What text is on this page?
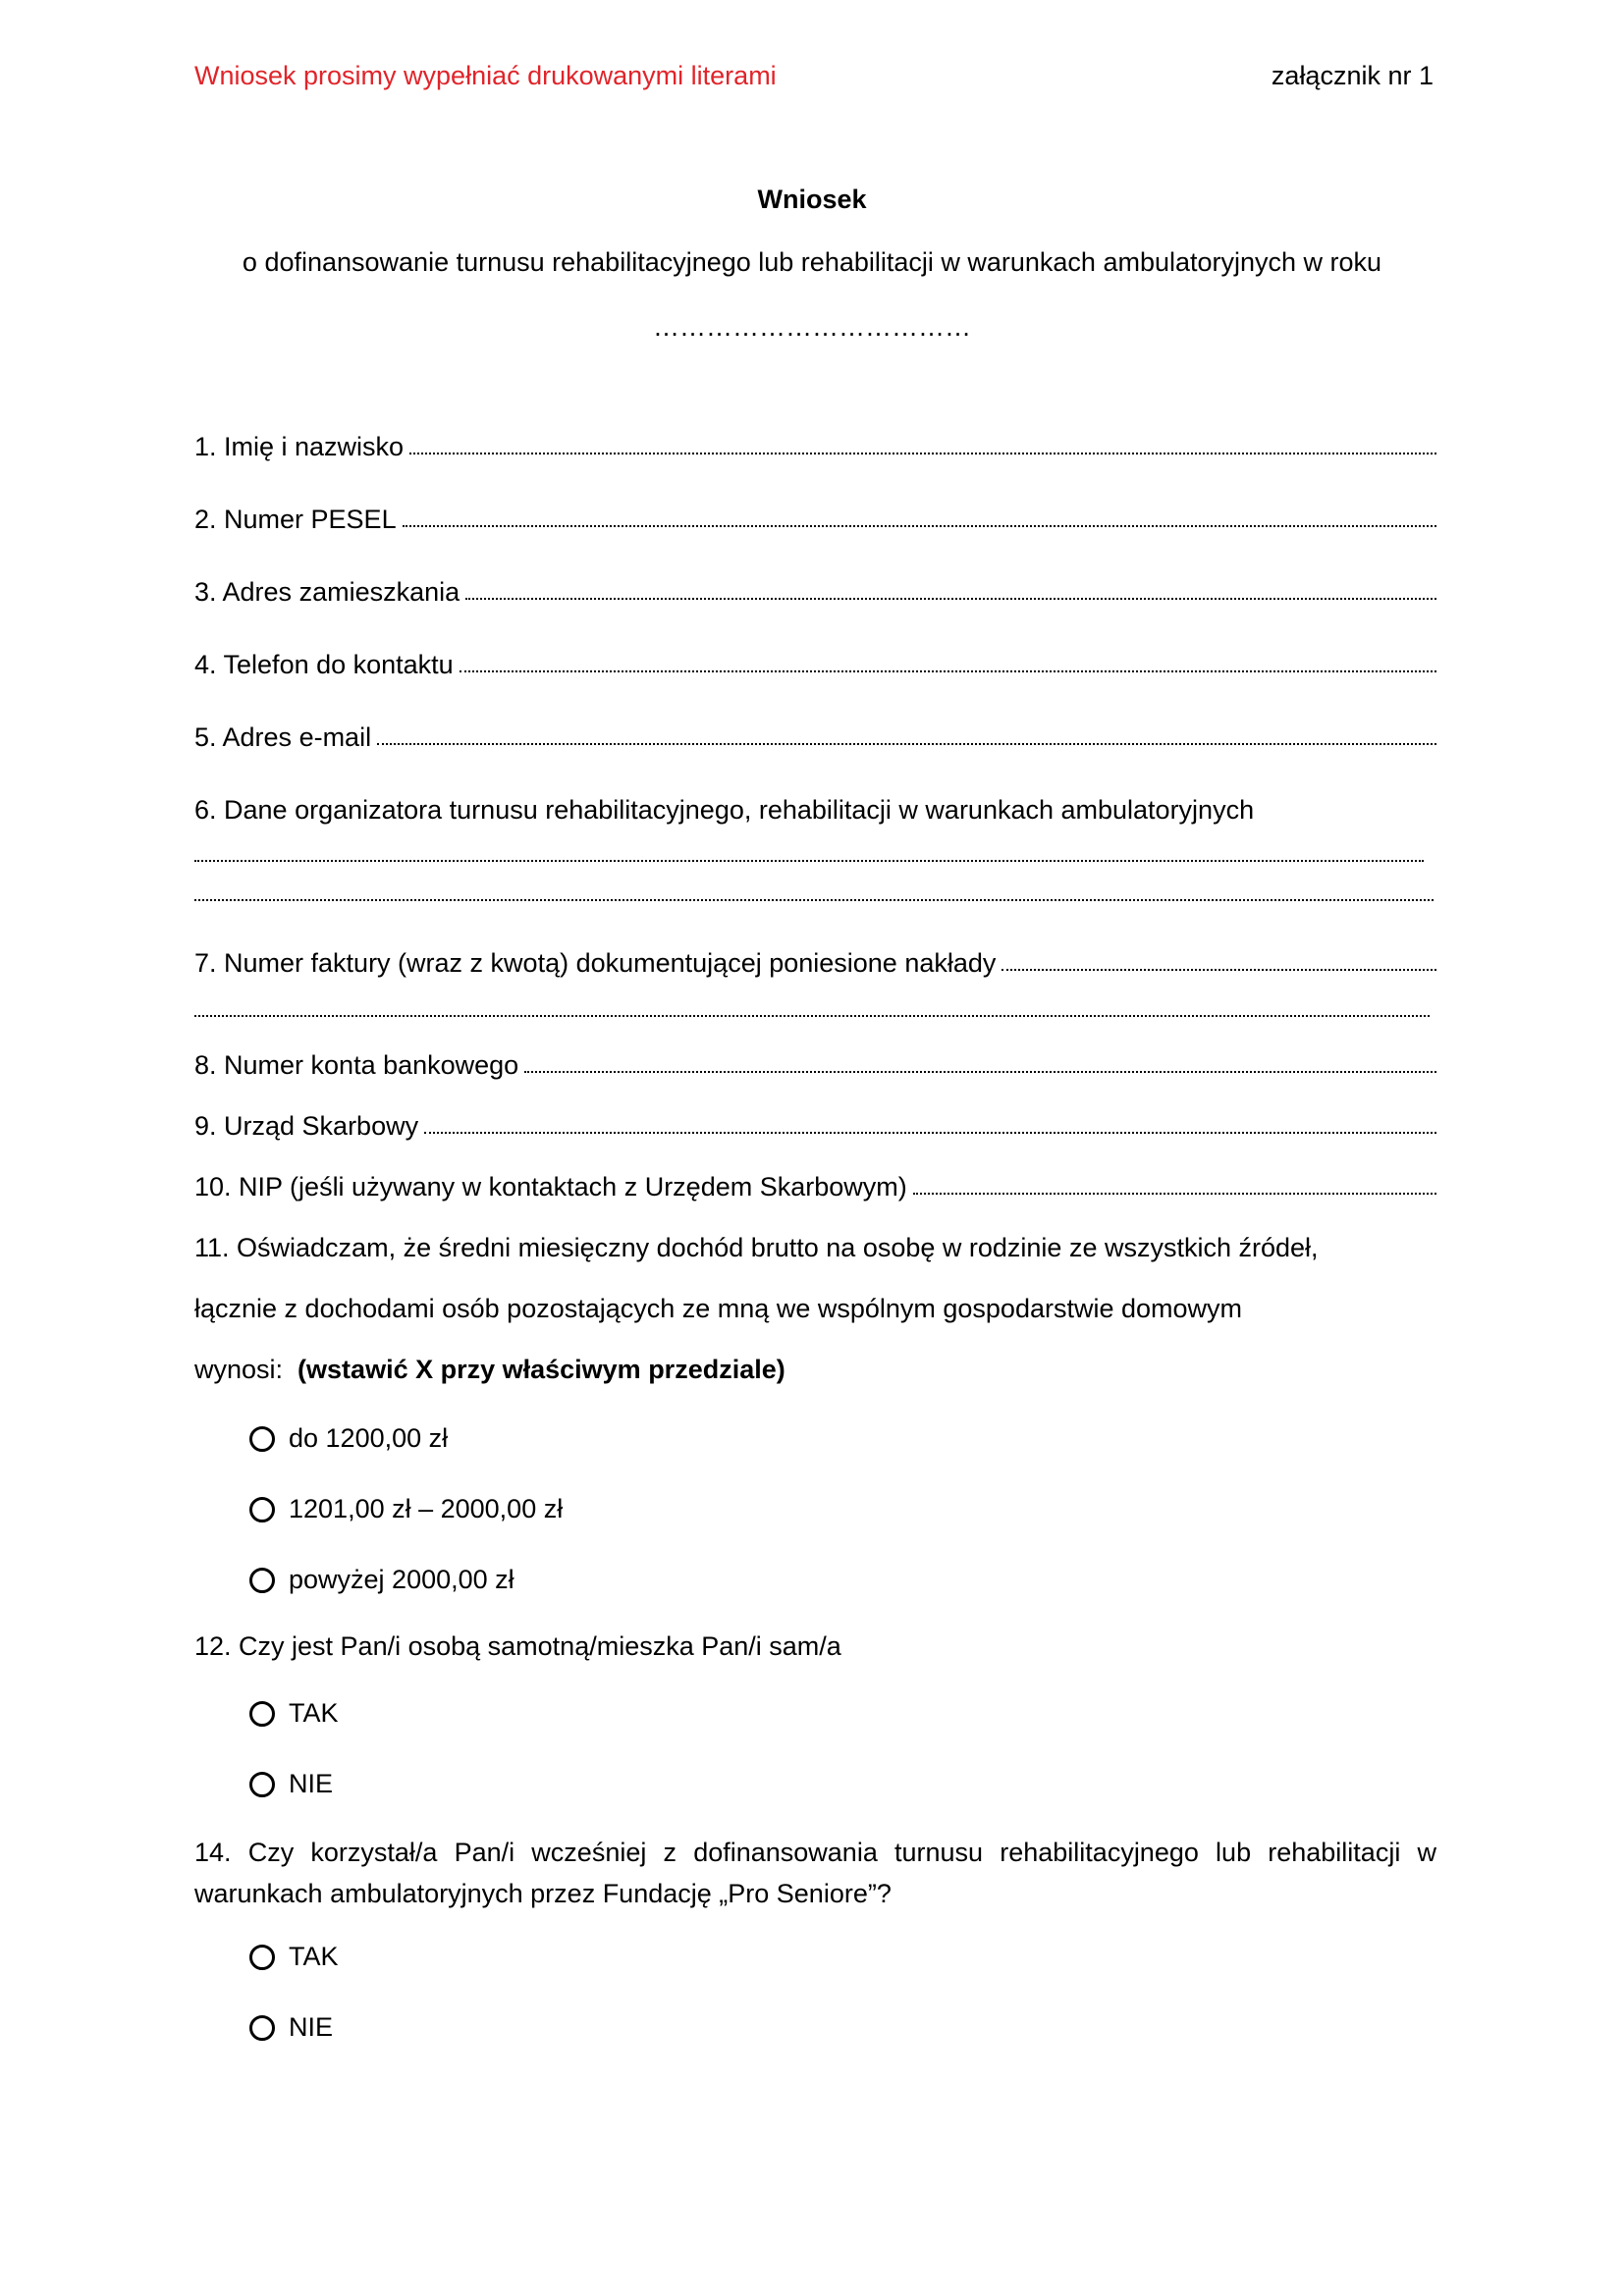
Wniosek prosimy wypełniać drukowanymi literami	załącznik nr 1
Wniosek
o dofinansowanie turnusu rehabilitacyjnego lub rehabilitacji w warunkach ambulatoryjnych w roku
………………………………
1. Imię i nazwisko
2. Numer PESEL
3. Adres zamieszkania
4. Telefon do kontaktu
5. Adres e-mail
6. Dane organizatora turnusu rehabilitacyjnego, rehabilitacji w warunkach ambulatoryjnych
7. Numer faktury (wraz z kwotą) dokumentującej poniesione nakłady
8. Numer konta bankowego
9. Urząd Skarbowy
10. NIP (jeśli używany w kontaktach z Urzędem Skarbowym)
11. Oświadczam, że średni miesięczny dochód brutto na osobę w rodzinie ze wszystkich źródeł,
łącznie z dochodami osób pozostających ze mną we wspólnym gospodarstwie domowym
wynosi:  (wstawić X przy właściwym przedziale)
do 1200,00 zł
1201,00 zł – 2000,00 zł
powyżej 2000,00 zł
12. Czy jest Pan/i osobą samotną/mieszka Pan/i sam/a
TAK
NIE
14. Czy korzystał/a Pan/i wcześniej z dofinansowania turnusu rehabilitacyjnego lub rehabilitacji w warunkach ambulatoryjnych przez Fundację „Pro Seniore”?
TAK
NIE
